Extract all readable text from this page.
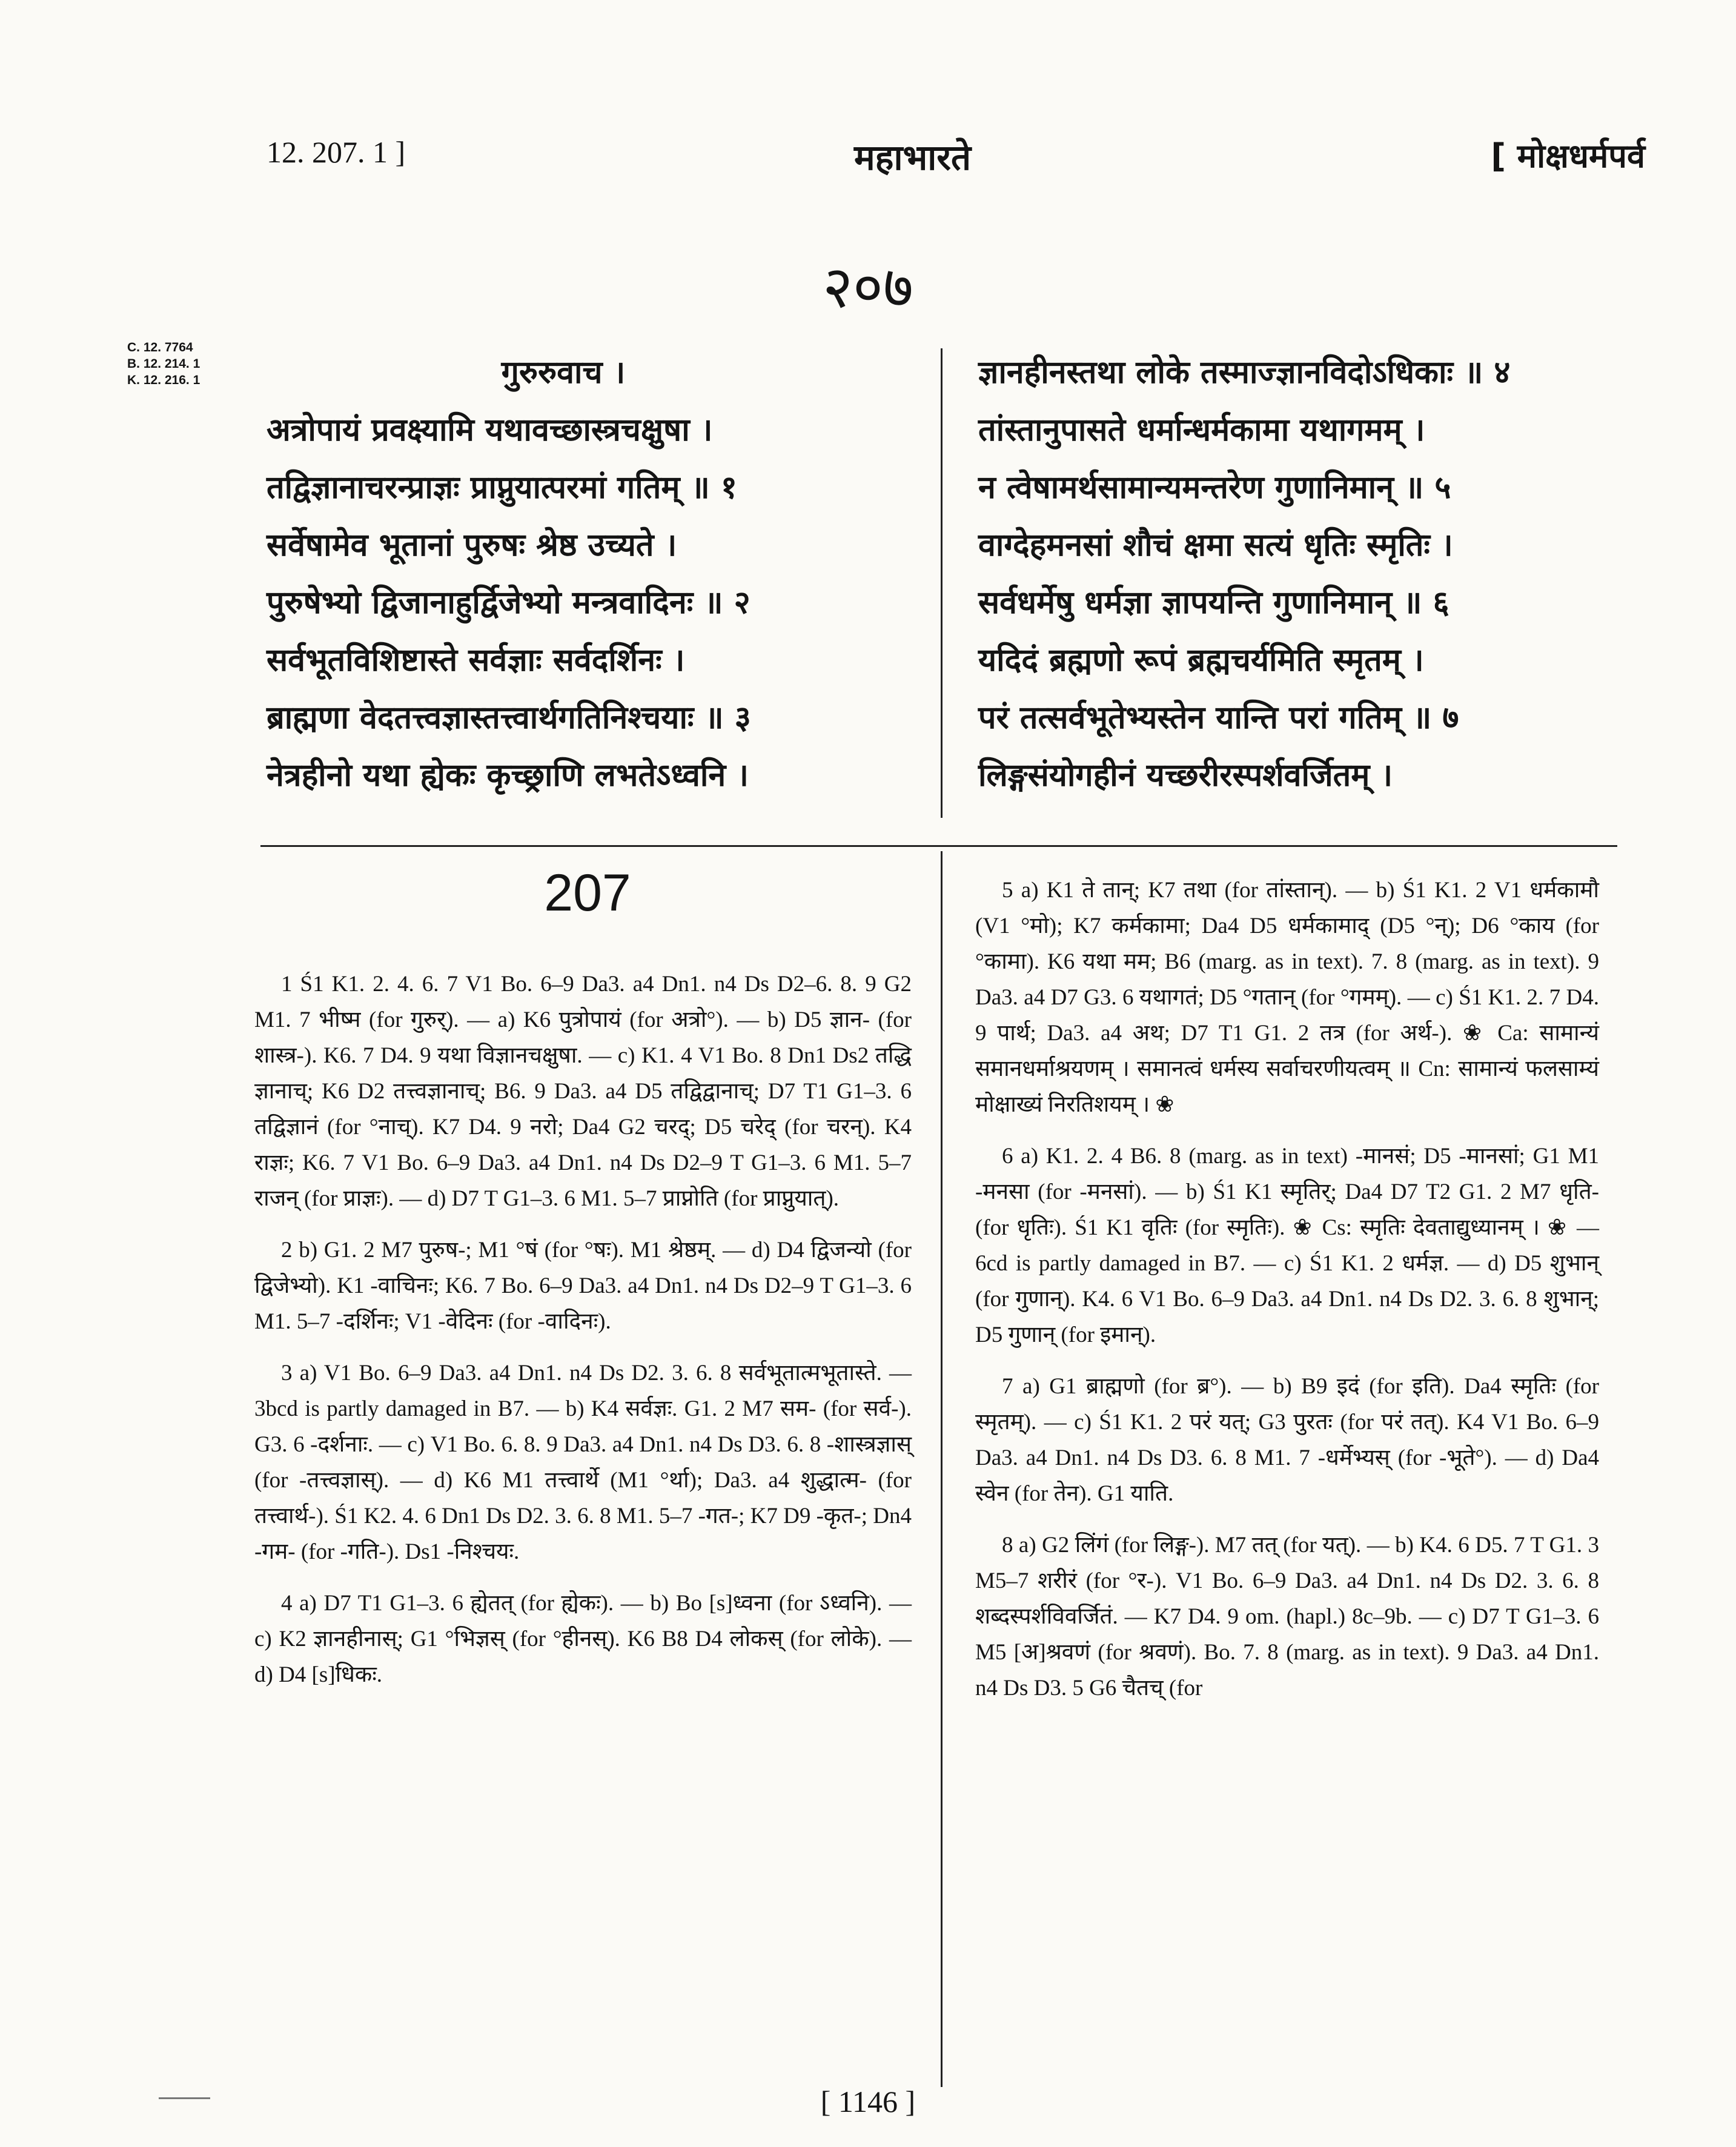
12. 207. 1 ]	महाभारते	[ मोक्षधर्मपर्व
२०७
C. 12. 7764
B. 12. 214. 1
K. 12. 216. 1	गुरुरुवाच ।
अत्रोपायं प्रवक्ष्यामि यथावच्छास्त्रचक्षुषा ।
तद्विज्ञानाचरन्प्राज्ञः प्राप्नुयात्परमां गतिम् ॥ १
सर्वेषामेव भूतानां पुरुषः श्रेष्ठ उच्यते ।
पुरुषेभ्यो द्विजानाहुर्द्विजेभ्यो मन्त्रवादिनः ॥ २
सर्वभूतविशिष्टास्ते सर्वज्ञाः सर्वदर्शिनः ।
ब्राह्मणा वेदतत्त्वज्ञास्तत्त्वार्थगतिनिश्चयाः ॥ ३
नेत्रहीनो यथा ह्येकः कृच्छ्राणि लभतेऽध्वनि ।
ज्ञानहीनस्तथा लोके तस्माज्ज्ञानविदोऽधिकाः ॥ ४
तांस्तानुपासते धर्मान्धर्मकामा यथागमम् ।
न त्वेषामर्थसामान्यमन्तरेण गुणानिमान् ॥ ५
वाग्देहमनसां शौचं क्षमा सत्यं धृतिः स्मृतिः ।
सर्वधर्मेषु धर्मज्ञा ज्ञापयन्ति गुणानिमान् ॥ ६
यदिदं ब्रह्मणो रूपं ब्रह्मचर्यमिति स्मृतम् ।
परं तत्सर्वभूतेभ्यस्तेन यान्ति परां गतिम् ॥ ७
लिङ्गसंयोगहीनं यच्छरीरस्पर्शवर्जितम् ।
207

1 Ś1 K1. 2. 4. 6. 7 V1 Bo. 6–9 Da3. a4 Dn1. n4 Ds D2–6. 8. 9 G2 M1. 7 भीष्म (for गुरुर्). — a) K6 पुत्रोपायं (for अत्रो°). — b) D5 ज्ञान- (for शास्त्र-). K6. 7 D4. 9 यथा विज्ञानचक्षुषा. — c) K1. 4 V1 Bo. 8 Dn1 Ds2 तद्धि ज्ञानाच्; K6 D2 तत्त्वज्ञानाच्; B6. 9 Da3. a4 D5 तद्विद्वानाच्; D7 T1 G1–3. 6 तद्विज्ञानं (for °नाच्). K7 D4. 9 नरो; Da4 G2 चरद्; D5 चरेद् (for चरन्). K4 राज्ञः; K6. 7 V1 Bo. 6–9 Da3. a4 Dn1. n4 Ds D2–9 T G1–3. 6 M1. 5–7 राजन् (for प्राज्ञः). — d) D7 T G1–3. 6 M1. 5–7 प्राप्नोति (for प्राप्नुयात्).

2 b) G1. 2 M7 पुरुष-; M1 °षं (for °षः). M1 श्रेष्ठम्. — d) D4 द्विजन्यो (for द्विजेभ्यो). K1 -वाचिनः; K6. 7 Bo. 6–9 Da3. a4 Dn1. n4 Ds D2–9 T G1–3. 6 M1. 5–7 -दर्शिनः; V1 -वेदिनः (for -वादिनः).

3 a) V1 Bo. 6–9 Da3. a4 Dn1. n4 Ds D2. 3. 6. 8 सर्वभूतात्मभूतास्ते. — 3bcd is partly damaged in B7. — b) K4 सर्वज्ञः. G1. 2 M7 सम- (for सर्व-). G3. 6 -दर्शनाः. — c) V1 Bo. 6. 8. 9 Da3. a4 Dn1. n4 Ds D3. 6. 8 -शास्त्रज्ञास् (for -तत्त्वज्ञास्). — d) K6 M1 तत्त्वार्थे (M1 °र्था); Da3. a4 शुद्धात्म- (for तत्त्वार्थ-). Ś1 K2. 4. 6 Dn1 Ds D2. 3. 6. 8 M1. 5–7 -गत-; K7 D9 -कृत-; Dn4 -गम- (for -गति-). Ds1 -निश्चयः.

4 a) D7 T1 G1–3. 6 ह्येतत् (for ह्येकः). — b) Bo [s]ध्वना (for ऽध्वनि). — c) K2 ज्ञानहीनास्; G1 °भिज्ञस् (for °हीनस्). K6 B8 D4 लोकस् (for लोके). — d) D4 [s]धिकः.

5 a) K1 ते तान्; K7 तथा (for तांस्तान्). — b) Ś1 K1. 2 V1 धर्मकामौ (V1 °मो); K7 कर्मकामा; Da4 D5 धर्मकामाद् (D5 °न्); D6 °काय (for °कामा). K6 यथा मम; B6 (marg. as in text). 7. 8 (marg. as in text). 9 Da3. a4 D7 G3. 6 यथागतं; D5 °गतान् (for °गमम्). — c) Ś1 K1. 2. 7 D4. 9 पार्थ; Da3. a4 अथ; D7 T1 G1. 2 तत्र (for अर्थ-). ❀ Ca: सामान्यं समानधर्माश्रयणम् । समानत्वं धर्मस्य सर्वाचरणीयत्वम् ॥ Cn: सामान्यं फलसाम्यं मोक्षाख्यं निरतिशयम् । ❀

6 a) K1. 2. 4 B6. 8 (marg. as in text) -मानसं; D5 -मानसां; G1 M1 -मनसा (for -मनसां). — b) Ś1 K1 स्मृतिर्; Da4 D7 T2 G1. 2 M7 धृति- (for धृतिः). Ś1 K1 वृतिः (for स्मृतिः). ❀ Cs: स्मृतिः देवताद्युध्यानम् । ❀ — 6cd is partly damaged in B7. — c) Ś1 K1. 2 धर्मज्ञ. — d) D5 शुभान् (for गुणान्). K4. 6 V1 Bo. 6–9 Da3. a4 Dn1. n4 Ds D2. 3. 6. 8 शुभान्; D5 गुणान् (for इमान्).

7 a) G1 ब्राह्मणो (for ब्र°). — b) B9 इदं (for इति). Da4 स्मृतिः (for स्मृतम्). — c) Ś1 K1. 2 परं यत्; G3 पुरतः (for परं तत्). K4 V1 Bo. 6–9 Da3. a4 Dn1. n4 Ds D3. 6. 8 M1. 7 -धर्मेभ्यस् (for -भूते°). — d) Da4 स्वेन (for तेन). G1 याति.

8 a) G2 लिंगं (for लिङ्ग-). M7 तत् (for यत्). — b) K4. 6 D5. 7 T G1. 3 M5–7 शरीरं (for °र-). V1 Bo. 6–9 Da3. a4 Dn1. n4 Ds D2. 3. 6. 8 शब्दस्पर्शविवर्जितं. — K7 D4. 9 om. (hapl.) 8c–9b. — c) D7 T G1–3. 6 M5 [अ]श्रवणं (for श्रवणं). Bo. 7. 8 (marg. as in text). 9 Da3. a4 Dn1. n4 Ds D3. 5 G6 चैतच् (for

[ 1146 ]
